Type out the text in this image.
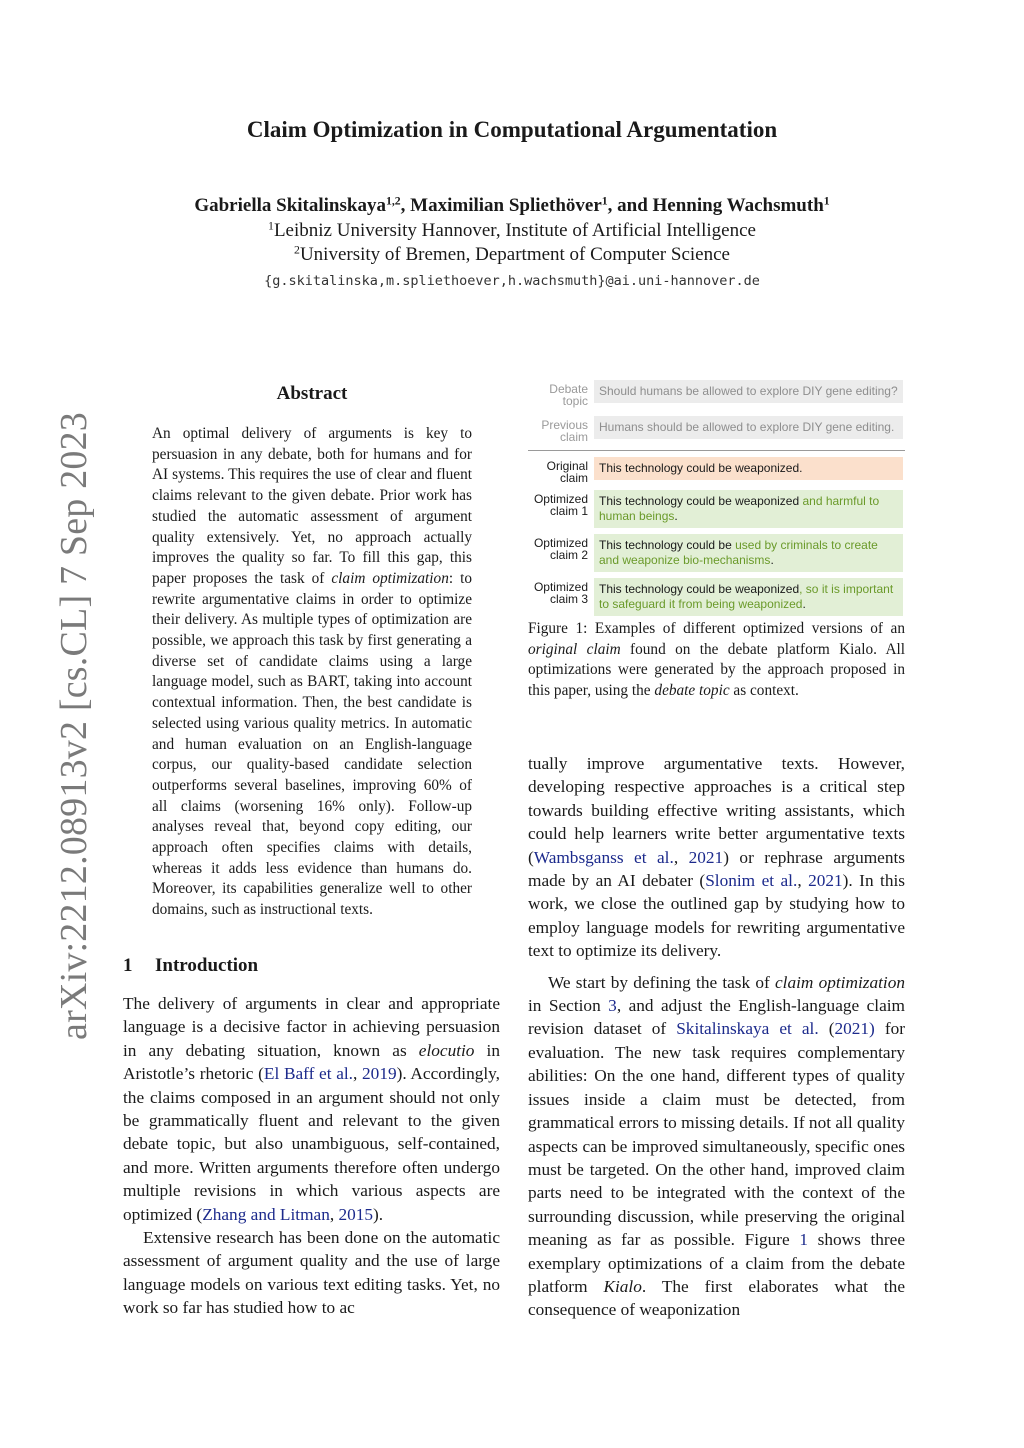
arXiv:2212.08913v2 [cs.CL] 7 Sep 2023
Claim Optimization in Computational Argumentation
Gabriella Skitalinskaya$^{1,2}$, Maximilian Spliethöver$^1$, and Henning Wachsmuth$^1$
$^1$Leibniz University Hannover, Institute of Artificial Intelligence
$^2$University of Bremen, Department of Computer Science
{g.skitalinska,m.spliethoever,h.wachsmuth}@ai.uni-hannover.de
Abstract
An optimal delivery of arguments is key to persuasion in any debate, both for humans and for AI systems. This requires the use of clear and fluent claims relevant to the given debate. Prior work has studied the automatic assessment of argument quality extensively. Yet, no approach actually improves the quality so far. To fill this gap, this paper proposes the task of claim optimization: to rewrite argumentative claims in order to optimize their delivery. As multiple types of optimization are possible, we approach this task by first generating a diverse set of candidate claims using a large language model, such as BART, taking into account contextual information. Then, the best candidate is selected using various quality metrics. In automatic and human evaluation on an English-language corpus, our quality-based candidate selection outperforms several baselines, improving 60% of all claims (worsening 16% only). Follow-up analyses reveal that, beyond copy editing, our approach often specifies claims with details, whereas it adds less evidence than humans do. Moreover, its capabilities generalize well to other domains, such as instructional texts.
Debate topic
Should humans be allowed to explore DIY gene editing?
Previous claim
Humans should be allowed to explore DIY gene editing.
Original claim
This technology could be weaponized.
Optimized claim 1
This technology could be weaponized and harmful to human beings.
Optimized claim 2
This technology could be used by criminals to create and weaponize bio-mechanisms.
Optimized claim 3
This technology could be weaponized, so it is important to safeguard it from being weaponized.
Figure 1: Examples of different optimized versions of an original claim found on the debate platform Kialo. All optimizations were generated by the approach proposed in this paper, using the debate topic as context.
1 Introduction

The delivery of arguments in clear and appropriate language is a decisive factor in achieving persuasion in any debating situation, known as elocutio in Aristotle’s rhetoric (El Baff et al., 2019). Accordingly, the claims composed in an argument should not only be grammatically fluent and relevant to the given debate topic, but also unambiguous, self-contained, and more. Written arguments therefore often undergo multiple revisions in which various aspects are optimized (Zhang and Litman, 2015).

Extensive research has been done on the automatic assessment of argument quality and the use of large language models on various text editing tasks. Yet, no work so far has studied how to ac

tually improve argumentative texts. However, developing respective approaches is a critical step towards building effective writing assistants, which could help learners write better argumentative texts (Wambsganss et al., 2021) or rephrase arguments made by an AI debater (Slonim et al., 2021). In this work, we close the outlined gap by studying how to employ language models for rewriting argumentative text to optimize its delivery.

We start by defining the task of claim optimization in Section 3, and adjust the English-language claim revision dataset of Skitalinskaya et al. (2021) for evaluation. The new task requires complementary abilities: On the one hand, different types of quality issues inside a claim must be detected, from grammatical errors to missing details. If not all quality aspects can be improved simultaneously, specific ones must be targeted. On the other hand, improved claim parts need to be integrated with the context of the surrounding discussion, while preserving the original meaning as far as possible. Figure 1 shows three exemplary optimizations of a claim from the debate platform Kialo. The first elaborates what the consequence of weaponization
